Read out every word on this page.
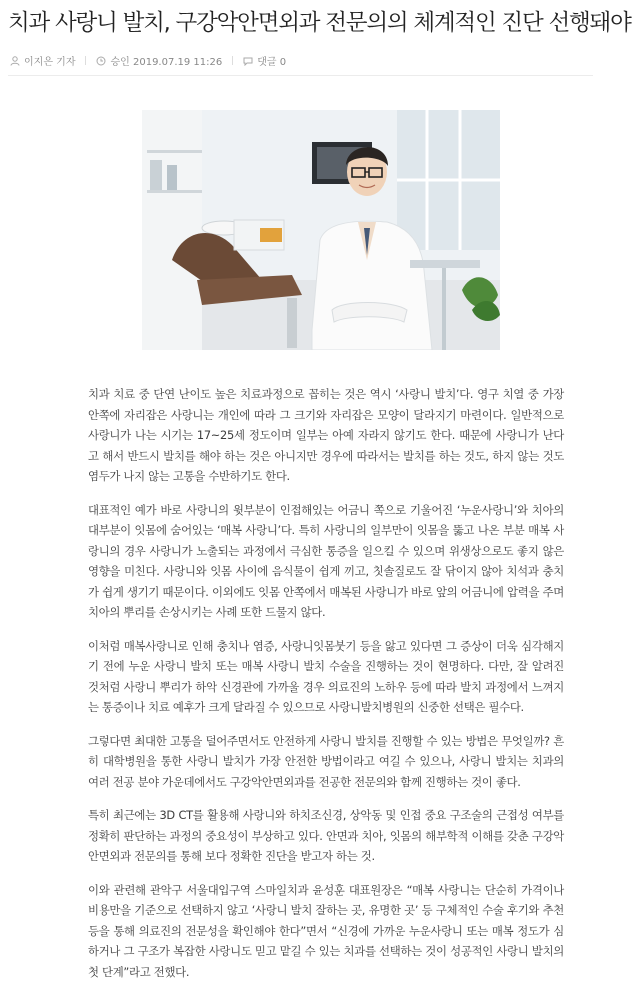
치과 사랑니 발치, 구강악안면외과 전문의의 체계적인 진단 선행돼야
이지은 기자	승인 2019.07.19 11:26	댓글 0

치과 치료 중 단연 난이도 높은 치료과정으로 꼽히는 것은 역시 ‘사랑니 발치’다. 영구 치열 중 가장 안쪽에 자리잡은 사랑니는 개인에 따라 그 크기와 자리잡은 모양이 달라지기 마련이다. 일반적으로 사랑니가 나는 시기는 17~25세 정도이며 일부는 아예 자라지 않기도 한다. 때문에 사랑니가 난다고 해서 반드시 발치를 해야 하는 것은 아니지만 경우에 따라서는 발치를 하는 것도, 하지 않는 것도 염두가 나지 않는 고통을 수반하기도 한다.

대표적인 예가 바로 사랑니의 윗부분이 인접해있는 어금니 쪽으로 기울어진 ‘누운사랑니’와 치아의 대부분이 잇몸에 숨어있는 ‘매복 사랑니’다. 특히 사랑니의 일부만이 잇몸을 뚫고 나온 부분 매복 사랑니의 경우 사랑니가 노출되는 과정에서 극심한 통증을 일으킬 수 있으며 위생상으로도 좋지 않은 영향을 미친다. 사랑니와 잇몸 사이에 음식물이 쉽게 끼고, 칫솔질로도 잘 닦이지 않아 치석과 충치가 쉽게 생기기 때문이다. 이외에도 잇몸 안쪽에서 매복된 사랑니가 바로 앞의 어금니에 압력을 주며 치아의 뿌리를 손상시키는 사례 또한 드물지 않다.

이처럼 매복사랑니로 인해 충치나 염증, 사랑니잇몸붓기 등을 앓고 있다면 그 증상이 더욱 심각해지기 전에 누운 사랑니 발치 또는 매복 사랑니 발치 수술을 진행하는 것이 현명하다. 다만, 잘 알려진 것처럼 사랑니 뿌리가 하악 신경관에 가까울 경우 의료진의 노하우 등에 따라 발치 과정에서 느껴지는 통증이나 치료 예후가 크게 달라질 수 있으므로 사랑니발치병원의 신중한 선택은 필수다.

그렇다면 최대한 고통을 덜어주면서도 안전하게 사랑니 발치를 진행할 수 있는 방법은 무엇일까? 흔히 대학병원을 통한 사랑니 발치가 가장 안전한 방법이라고 여길 수 있으나, 사랑니 발치는 치과의 여러 전공 분야 가운데에서도 구강악안면외과를 전공한 전문의와 함께 진행하는 것이 좋다.

특히 최근에는 3D CT를 활용해 사랑니와 하치조신경, 상악동 및 인접 중요 구조술의 근접성 여부를 정확히 판단하는 과정의 중요성이 부상하고 있다. 안면과 치아, 잇몸의 해부학적 이해를 갖춘 구강악안면외과 전문의를 통해 보다 정확한 진단을 받고자 하는 것.

이와 관련해 관악구 서울대입구역 스마일치과 윤성훈 대표원장은 “매복 사랑니는 단순히 가격이나 비용만을 기준으로 선택하지 않고 ‘사랑니 발치 잘하는 곳, 유명한 곳’ 등 구체적인 수술 후기와 추천 등을 통해 의료진의 전문성을 확인해야 한다”면서 “신경에 가까운 누운사랑니 또는 매복 정도가 심하거나 그 구조가 복잡한 사랑니도 믿고 맡길 수 있는 치과를 선택하는 것이 성공적인 사랑니 발치의 첫 단계”라고 전했다.
